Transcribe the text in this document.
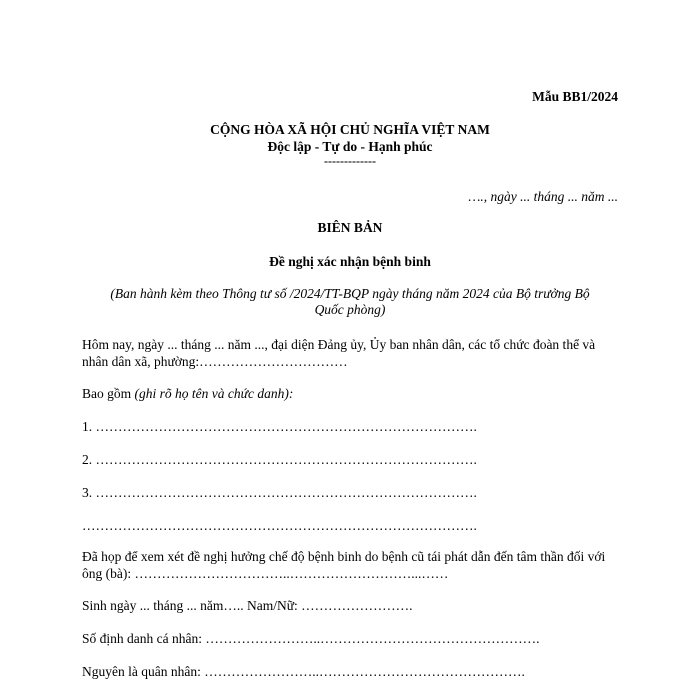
Mẫu BB1/2024
CỘNG HÒA XÃ HỘI CHỦ NGHĨA VIỆT NAM
Độc lập - Tự do - Hạnh phúc
-------------
…., ngày ... tháng ... năm ...
BIÊN BẢN
Đề nghị xác nhận bệnh binh
(Ban hành kèm theo Thông tư số /2024/TT-BQP ngày tháng năm 2024 của Bộ trưởng Bộ
Quốc phòng)
Hôm nay, ngày ... tháng ... năm ..., đại diện Đảng ủy, Ủy ban nhân dân, các tổ chức đoàn thể và
nhân dân xã, phường:……………………………
Bao gồm (ghi rõ họ tên và chức danh):
1. ………………………………………………………………………….
2. ………………………………………………………………………….
3. ………………………………………………………………………….
…………………………………………………………………………….
Đã họp để xem xét đề nghị hưởng chế độ bệnh binh do bệnh cũ tái phát dẫn đến tâm thần đối với
ông (bà): ……………………………..………………………...……
Sinh ngày ... tháng ... năm….. Nam/Nữ: …………………….
Số định danh cá nhân: ……………………..………………………………………….
Nguyên là quân nhân: ……………………..……………………………………….
